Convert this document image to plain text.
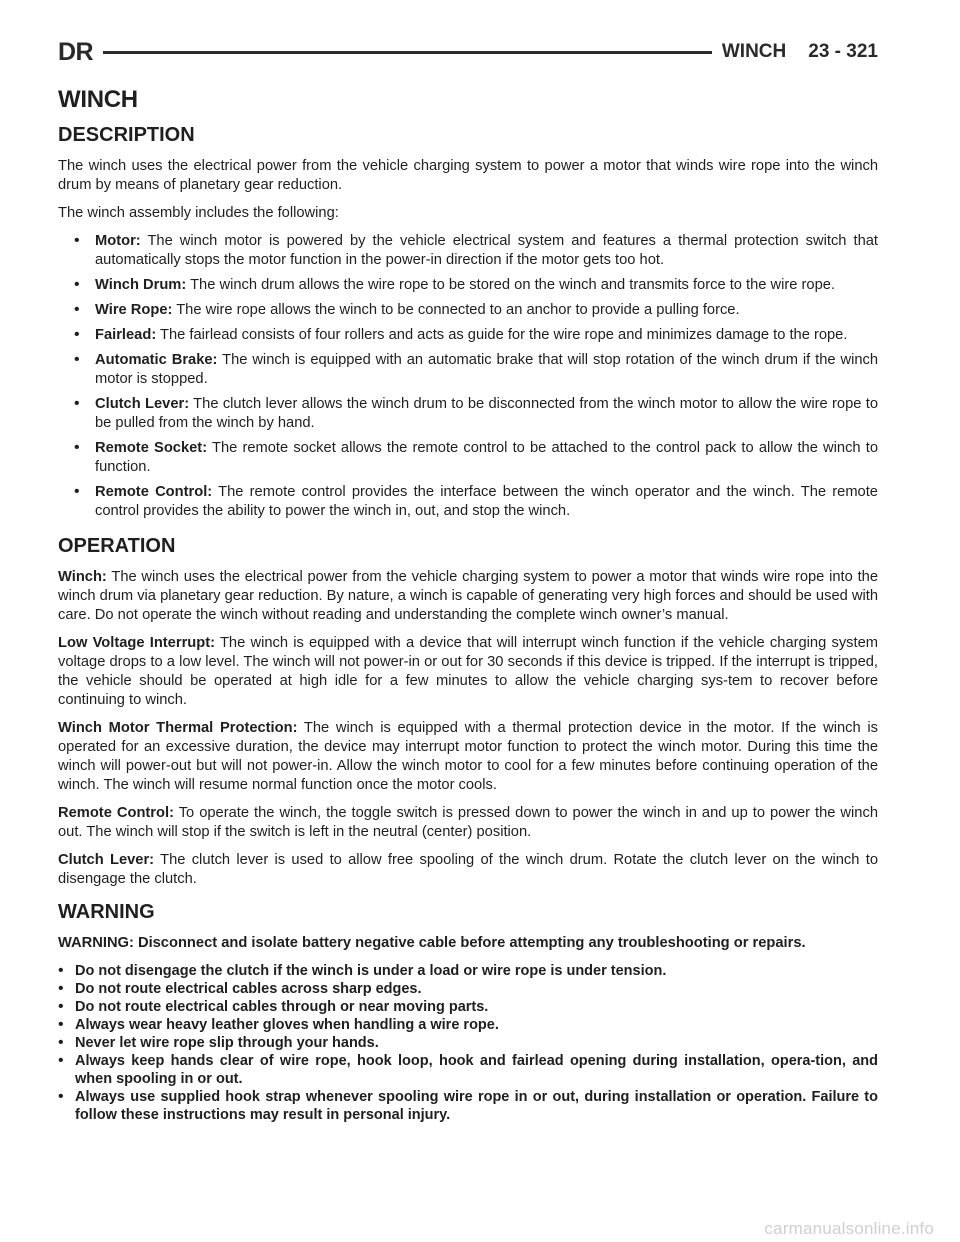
DR	WINCH 23 - 321
WINCH
DESCRIPTION

The winch uses the electrical power from the vehicle charging system to power a motor that winds wire rope into the winch drum by means of planetary gear reduction.

The winch assembly includes the following:

• Motor: The winch motor is powered by the vehicle electrical system and features a thermal protection switch that automatically stops the motor function in the power-in direction if the motor gets too hot.
• Winch Drum: The winch drum allows the wire rope to be stored on the winch and transmits force to the wire rope.
• Wire Rope: The wire rope allows the winch to be connected to an anchor to provide a pulling force.
• Fairlead: The fairlead consists of four rollers and acts as guide for the wire rope and minimizes damage to the rope.
• Automatic Brake: The winch is equipped with an automatic brake that will stop rotation of the winch drum if the winch motor is stopped.
• Clutch Lever: The clutch lever allows the winch drum to be disconnected from the winch motor to allow the wire rope to be pulled from the winch by hand.
• Remote Socket: The remote socket allows the remote control to be attached to the control pack to allow the winch to function.
• Remote Control: The remote control provides the interface between the winch operator and the winch. The remote control provides the ability to power the winch in, out, and stop the winch.
OPERATION

Winch: The winch uses the electrical power from the vehicle charging system to power a motor that winds wire rope into the winch drum via planetary gear reduction. By nature, a winch is capable of generating very high forces and should be used with care. Do not operate the winch without reading and understanding the complete winch owner’s manual.

Low Voltage Interrupt: The winch is equipped with a device that will interrupt winch function if the vehicle charging system voltage drops to a low level. The winch will not power-in or out for 30 seconds if this device is tripped. If the interrupt is tripped, the vehicle should be operated at high idle for a few minutes to allow the vehicle charging sys-tem to recover before continuing to winch.

Winch Motor Thermal Protection: The winch is equipped with a thermal protection device in the motor. If the winch is operated for an excessive duration, the device may interrupt motor function to protect the winch motor. During this time the winch will power-out but will not power-in. Allow the winch motor to cool for a few minutes before continuing operation of the winch. The winch will resume normal function once the motor cools.

Remote Control: To operate the winch, the toggle switch is pressed down to power the winch in and up to power the winch out. The winch will stop if the switch is left in the neutral (center) position.

Clutch Lever: The clutch lever is used to allow free spooling of the winch drum. Rotate the clutch lever on the winch to disengage the clutch.

WARNING

WARNING: Disconnect and isolate battery negative cable before attempting any troubleshooting or repairs.

• Do not disengage the clutch if the winch is under a load or wire rope is under tension.
• Do not route electrical cables across sharp edges.
• Do not route electrical cables through or near moving parts.
• Always wear heavy leather gloves when handling a wire rope.
• Never let wire rope slip through your hands.
• Always keep hands clear of wire rope, hook loop, hook and fairlead opening during installation, opera-tion, and when spooling in or out.
• Always use supplied hook strap whenever spooling wire rope in or out, during installation or operation. Failure to follow these instructions may result in personal injury.
carmanualsonline.info
